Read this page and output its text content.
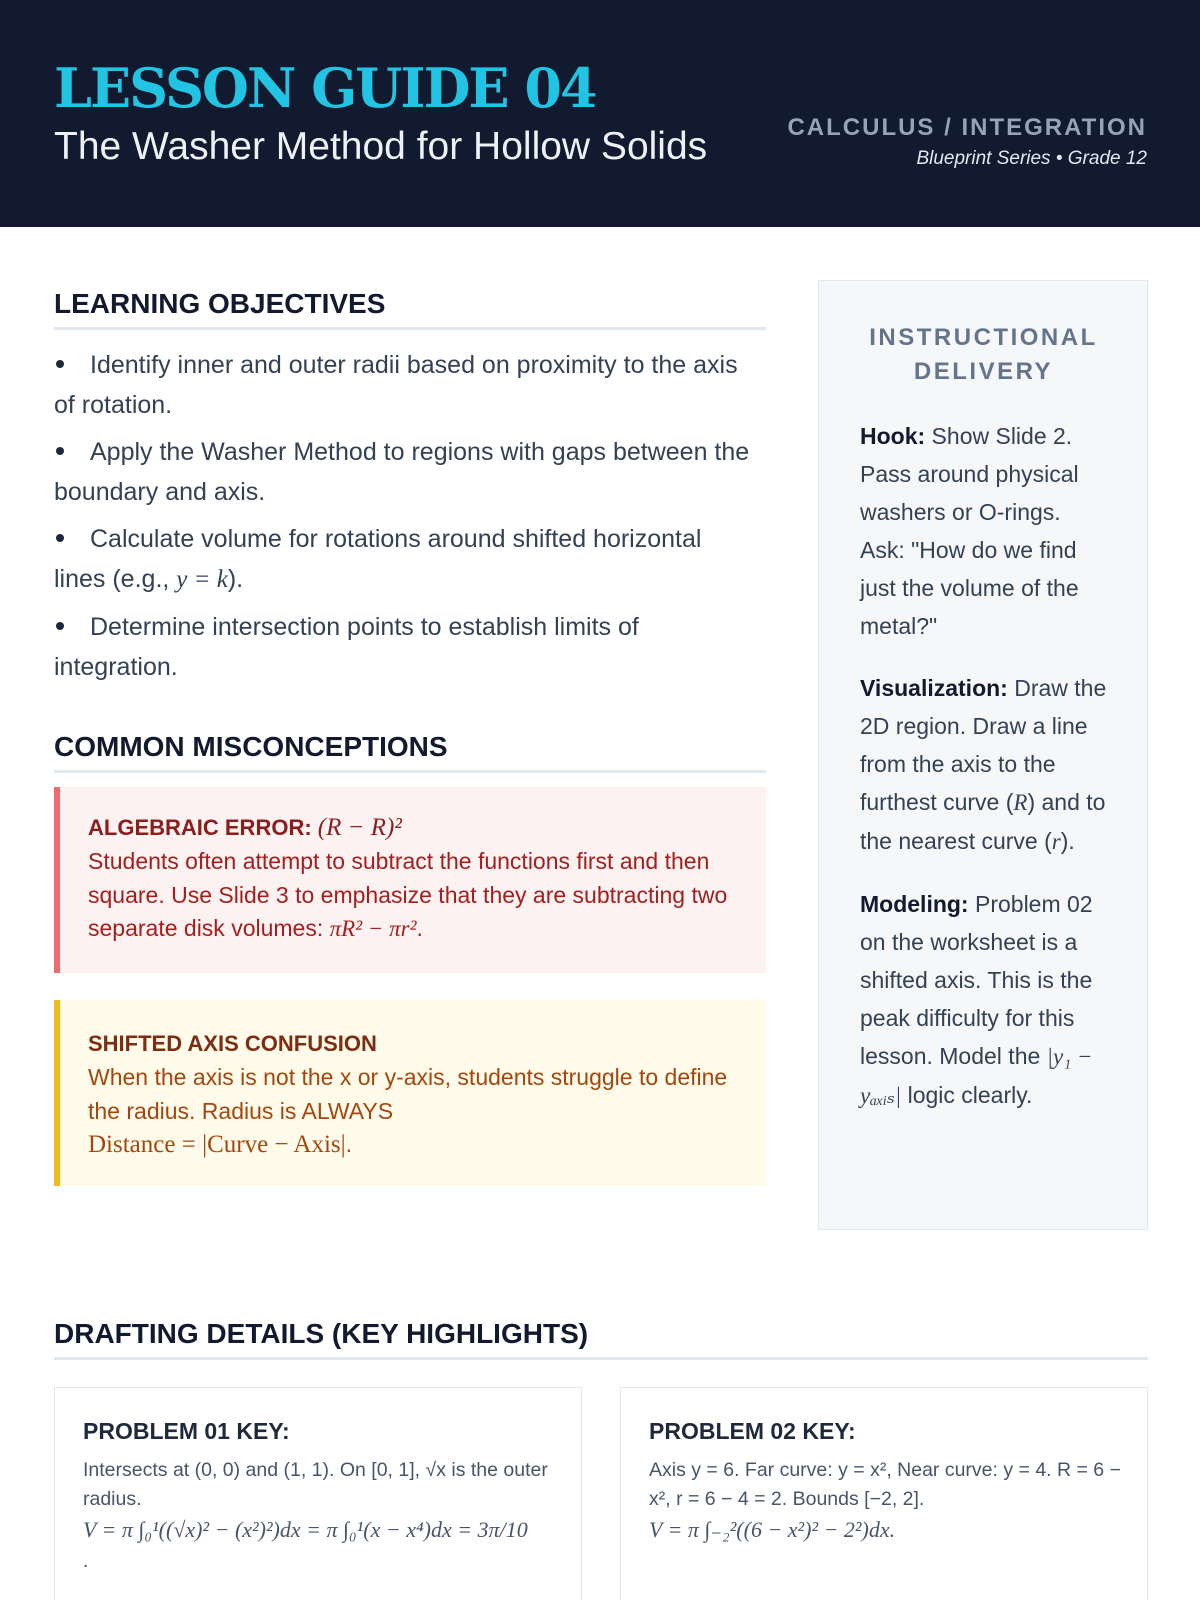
LESSON GUIDE 04
The Washer Method for Hollow Solids	CALCULUS / INTEGRATION
Blueprint Series • Grade 12
LEARNING OBJECTIVES
Identify inner and outer radii based on proximity to the axis of rotation.
Apply the Washer Method to regions with gaps between the boundary and axis.
Calculate volume for rotations around shifted horizontal lines (e.g., y = k).
Determine intersection points to establish limits of integration.
COMMON MISCONCEPTIONS
ALGEBRAIC ERROR: (R − R)²
Students often attempt to subtract the functions first and then square. Use Slide 3 to emphasize that they are subtracting two separate disk volumes: πR² − πr².
SHIFTED AXIS CONFUSION
When the axis is not the x or y-axis, students struggle to define the radius. Radius is ALWAYS
Distance = |Curve − Axis|.
INSTRUCTIONAL DELIVERY

Hook: Show Slide 2. Pass around physical washers or O-rings. Ask: "How do we find just the volume of the metal?"

Visualization: Draw the 2D region. Draw a line from the axis to the furthest curve (R) and to the nearest curve (r).

Modeling: Problem 02 on the worksheet is a shifted axis. This is the peak difficulty for this lesson. Model the |y₁ − yₐₓᵢₛ| logic clearly.

DRAFTING DETAILS (KEY HIGHLIGHTS)
PROBLEM 01 KEY:
Intersects at (0, 0) and (1, 1). On [0, 1], √x is the outer radius.
V = π ∫₀¹((√x)² − (x²)²)dx = π ∫₀¹(x − x⁴)dx = 3π/10
.
PROBLEM 02 KEY:
Axis y = 6. Far curve: y = x², Near curve: y = 4. R = 6 − x², r = 6 − 4 = 2. Bounds [−2, 2].
V = π ∫₋₂²((6 − x²)² − 2²)dx.
